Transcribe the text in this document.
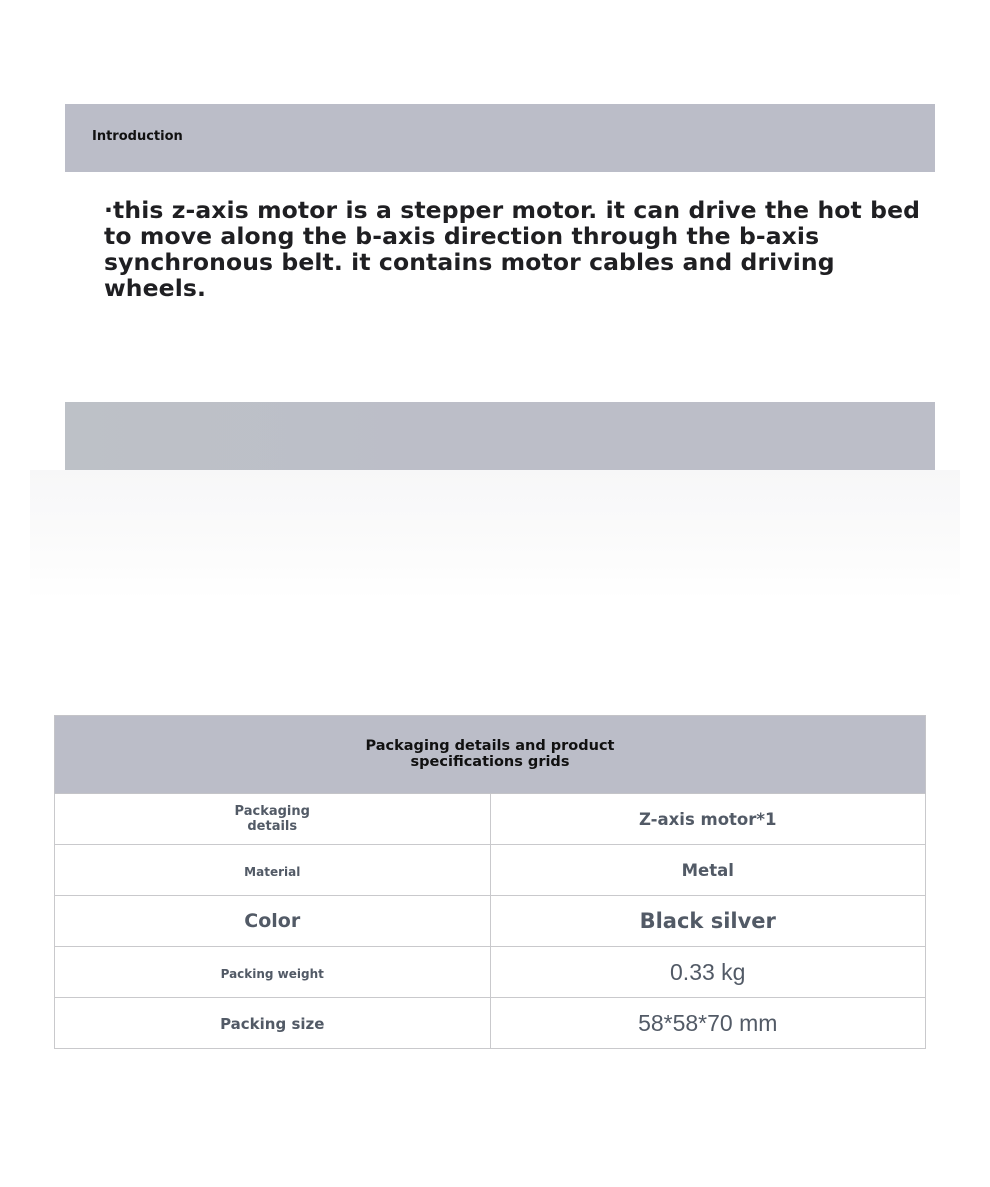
Introduction
·this z-axis motor is a stepper motor. it can drive the hot bed to move along the b-axis direction through the b-axis synchronous belt. it contains motor cables and driving wheels.
Packaging details and product specifications grids	
Packaging details	Z-axis motor*1
Material	Metal
Color	Black silver
Packing weight	0.33 kg
Packing size	58*58*70 mm
